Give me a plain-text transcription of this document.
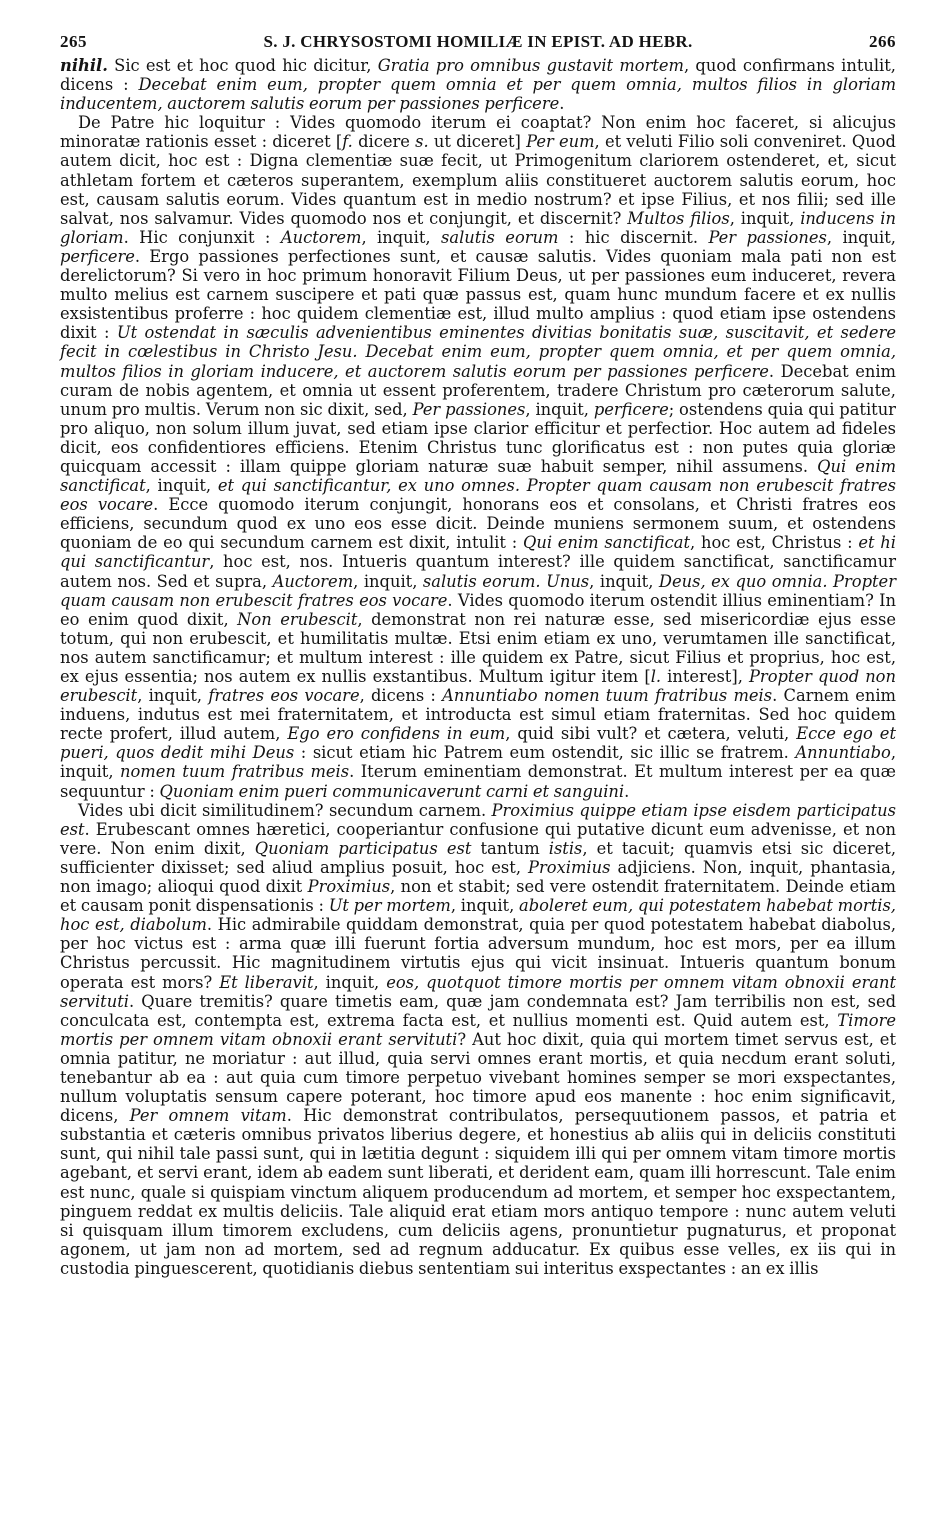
265	S. J. CHRYSOSTOMI HOMILIÆ IN EPIST. AD HEBR.	266

nihil. Sic est et hoc quod hic dicitur, Gratia pro omnibus gustavit mortem, quod confirmans intulit, dicens : Decebat enim eum, propter quem omnia et per quem omnia, multos filios in gloriam inducentem, auctorem salutis eorum per passiones perficere.

De Patre hic loquitur : Vides quomodo iterum ei coaptat? Non enim hoc faceret, si alicujus minoratæ rationis esset : diceret [f. dicere s. ut diceret] Per eum, et veluti Filio soli conveniret. Quod autem dicit, hoc est : Digna clementiæ suæ fecit, ut Primogenitum clariorem ostenderet, et, sicut athletam fortem et cæteros superantem, exemplum aliis constitueret auctorem salutis eorum, hoc est, causam salutis eorum. Vides quantum est in medio nostrum? et ipse Filius, et nos filii; sed ille salvat, nos salvamur. Vides quomodo nos et conjungit, et discernit? Multos filios, inquit, inducens in gloriam. Hic conjunxit : Auctorem, inquit, salutis eorum : hic discernit. Per passiones, inquit, perficere. Ergo passiones perfectiones sunt, et causæ salutis. Vides quoniam mala pati non est derelictorum? Si vero in hoc primum honoravit Filium Deus, ut per passiones eum induceret, revera multo melius est carnem suscipere et pati quæ passus est, quam hunc mundum facere et ex nullis exsistentibus proferre : hoc quidem clementiæ est, illud multo amplius : quod etiam ipse ostendens dixit : Ut ostendat in sæculis advenientibus eminentes divitias bonitatis suæ, suscitavit, et sedere fecit in cœlestibus in Christo Jesu. Decebat enim eum, propter quem omnia, et per quem omnia, multos filios in gloriam inducere, et auctorem salutis eorum per passiones perficere. Decebat enim curam de nobis agentem, et omnia ut essent proferentem, tradere Christum pro cæterorum salute, unum pro multis. Verum non sic dixit, sed, Per passiones, inquit, perficere; ostendens quia qui patitur pro aliquo, non solum illum juvat, sed etiam ipse clarior efficitur et perfectior. Hoc autem ad fideles dicit, eos confidentiores efficiens. Etenim Christus tunc glorificatus est : non putes quia gloriæ quicquam accessit : illam quippe gloriam naturæ suæ habuit semper, nihil assumens. Qui enim sanctificat, inquit, et qui sanctificantur, ex uno omnes. Propter quam causam non erubescit fratres eos vocare. Ecce quomodo iterum conjungit, honorans eos et consolans, et Christi fratres eos efficiens, secundum quod ex uno eos esse dicit. Deinde muniens sermonem suum, et ostendens quoniam de eo qui secundum carnem est dixit, intulit : Qui enim sanctificat, hoc est, Christus : et hi qui sanctificantur, hoc est, nos. Intueris quantum interest? ille quidem sanctificat, sanctificamur autem nos. Sed et supra, Auctorem, inquit, salutis eorum. Unus, inquit, Deus, ex quo omnia. Propter quam causam non erubescit fratres eos vocare. Vides quomodo iterum ostendit illius eminentiam? In eo enim quod dixit, Non erubescit, demonstrat non rei naturæ esse, sed misericordiæ ejus esse totum, qui non erubescit, et humilitatis multæ. Etsi enim etiam ex uno, verumtamen ille sanctificat, nos autem sanctificamur; et multum interest : ille quidem ex Patre, sicut Filius et proprius, hoc est, ex ejus essentia; nos autem ex nullis exstantibus. Multum igitur item [l. interest], Propter quod non erubescit, inquit, fratres eos vocare, dicens : Annuntiabo nomen tuum fratribus meis. Carnem enim induens, indutus est mei fraternitatem, et introducta est simul etiam fraternitas. Sed hoc quidem recte profert, illud autem, Ego ero confidens in eum, quid sibi vult? et cætera, veluti, Ecce ego et pueri, quos dedit mihi Deus : sicut etiam hic Patrem eum ostendit, sic illic se fratrem. Annuntiabo, inquit, nomen tuum fratribus meis. Iterum eminentiam demonstrat. Et multum interest per ea quæ sequuntur : Quoniam enim pueri communicaverunt carni et sanguini.

Vides ubi dicit similitudinem? secundum carnem. Proximius quippe etiam ipse eisdem participatus est. Erubescant omnes hæretici, cooperiantur confusione qui putative dicunt eum advenisse, et non vere. Non enim dixit, Quoniam participatus est tantum istis, et tacuit; quamvis etsi sic diceret, sufficienter dixisset; sed aliud amplius posuit, hoc est, Proximius adjiciens. Non, inquit, phantasia, non imago; alioqui quod dixit Proximius, non et stabit; sed vere ostendit fraternitatem. Deinde etiam et causam ponit dispensationis : Ut per mortem, inquit, aboleret eum, qui potestatem habebat mortis, hoc est, diabolum. Hic admirabile quiddam demonstrat, quia per quod potestatem habebat diabolus, per hoc victus est : arma quæ illi fuerunt fortia adversum mundum, hoc est mors, per ea illum Christus percussit. Hic magnitudinem virtutis ejus qui vicit insinuat. Intueris quantum bonum operata est mors? Et liberavit, inquit, eos, quotquot timore mortis per omnem vitam obnoxii erant servituti. Quare tremitis? quare timetis eam, quæ jam condemnata est? Jam terribilis non est, sed conculcata est, contempta est, extrema facta est, et nullius momenti est. Quid autem est, Timore mortis per omnem vitam obnoxii erant servituti? Aut hoc dixit, quia qui mortem timet servus est, et omnia patitur, ne moriatur : aut illud, quia servi omnes erant mortis, et quia necdum erant soluti, tenebantur ab ea : aut quia cum timore perpetuo vivebant homines semper se mori exspectantes, nullum voluptatis sensum capere poterant, hoc timore apud eos manente : hoc enim significavit, dicens, Per omnem vitam. Hic demonstrat contribulatos, persequutionem passos, et patria et substantia et cæteris omnibus privatos liberius degere, et honestius ab aliis qui in deliciis constituti sunt, qui nihil tale passi sunt, qui in lætitia degunt : siquidem illi qui per omnem vitam timore mortis agebant, et servi erant, idem ab eadem sunt liberati, et derident eam, quam illi horrescunt. Tale enim est nunc, quale si quispiam vinctum aliquem producendum ad mortem, et semper hoc exspectantem, pinguem reddat ex multis deliciis. Tale aliquid erat etiam mors antiquo tempore : nunc autem veluti si quisquam illum timorem excludens, cum deliciis agens, pronuntietur pugnaturus, et proponat agonem, ut jam non ad mortem, sed ad regnum adducatur. Ex quibus esse velles, ex iis qui in custodia pinguescerent, quotidianis diebus sententiam sui interitus exspectantes : an ex illis
